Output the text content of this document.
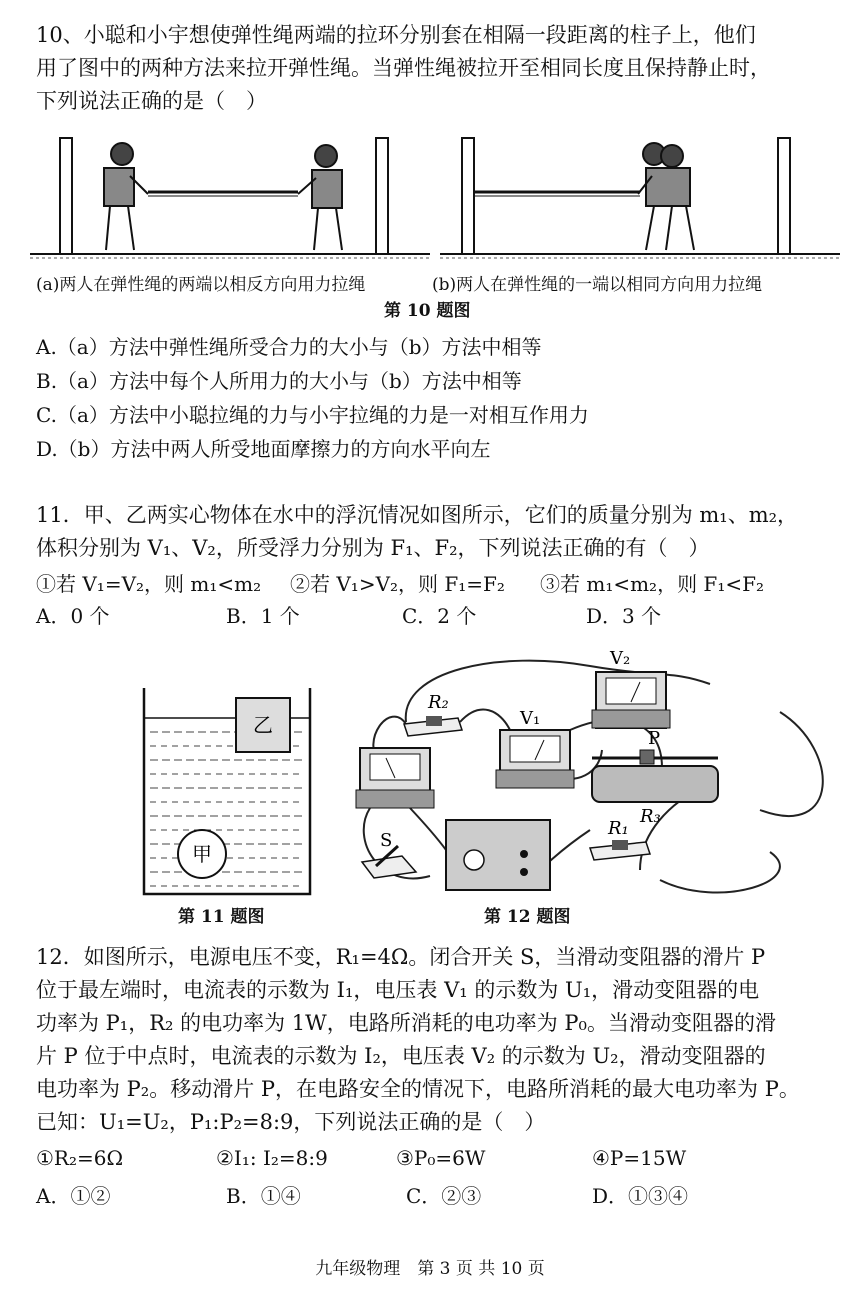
10、小聪和小宇想使弹性绳两端的拉环分别套在相隔一段距离的柱子上，他们
用了图中的两种方法来拉开弹性绳。当弹性绳被拉开至相同长度且保持静止时，
下列说法正确的是（　）
(a)两人在弹性绳的两端以相反方向用力拉绳	(b)两人在弹性绳的一端以相同方向用力拉绳
第 10 题图
A.（a）方法中弹性绳所受合力的大小与（b）方法中相等
B.（a）方法中每个人所用力的大小与（b）方法中相等
C.（a）方法中小聪拉绳的力与小宇拉绳的力是一对相互作用力
D.（b）方法中两人所受地面摩擦力的方向水平向左
11．甲、乙两实心物体在水中的浮沉情况如图所示，它们的质量分别为 m₁、m₂，
体积分别为 V₁、V₂，所受浮力分别为 F₁、F₂，下列说法正确的有（　）
①若 V₁=V₂，则 m₁<m₂ ②若 V₁>V₂，则 F₁=F₂ ③若 m₁<m₂，则 F₁<F₂
A．0 个	B．1 个	C．2 个	D．3 个
乙
甲
第 11 题图
R₂
V₁
V₂
P
R₃
R₁
S
第 12 题图
12．如图所示，电源电压不变，R₁=4Ω。闭合开关 S，当滑动变阻器的滑片 P
位于最左端时，电流表的示数为 I₁，电压表 V₁ 的示数为 U₁，滑动变阻器的电
功率为 P₁，R₂ 的电功率为 1W，电路所消耗的电功率为 P₀。当滑动变阻器的滑
片 P 位于中点时，电流表的示数为 I₂，电压表 V₂ 的示数为 U₂，滑动变阻器的
电功率为 P₂。移动滑片 P，在电路安全的情况下，电路所消耗的最大电功率为 P。
已知：U₁=U₂，P₁:P₂=8:9，下列说法正确的是（　）
①R₂=6Ω	②I₁: I₂=8:9	③P₀=6W	④P=15W
A．①②	B．①④	C．②③	D．①③④
九年级物理　第 3 页 共 10 页
